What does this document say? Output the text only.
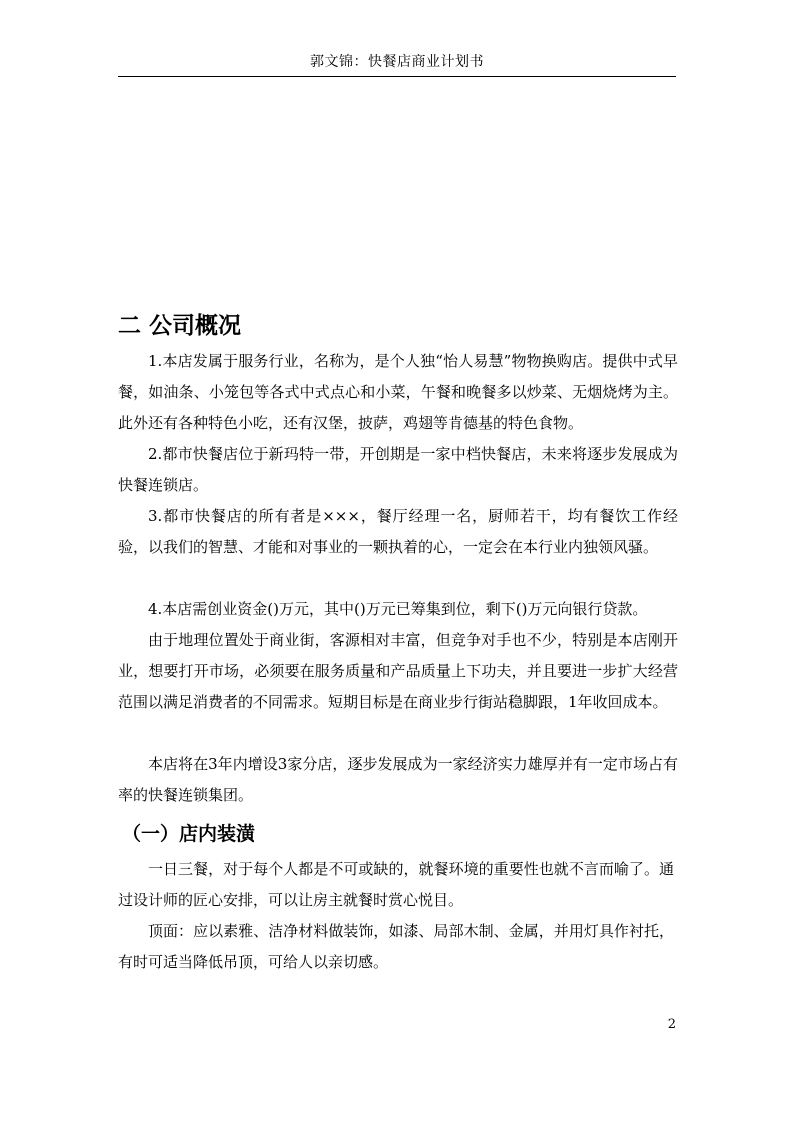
郭文锦：快餐店商业计划书
二 公司概况

1.本店发属于服务行业，名称为，是个人独“怡人易慧”物物换购店。提供中式早餐，如油条、小笼包等各式中式点心和小菜，午餐和晚餐多以炒菜、无烟烧烤为主。此外还有各种特色小吃，还有汉堡，披萨，鸡翅等肯德基的特色食物。

2.都市快餐店位于新玛特一带，开创期是一家中档快餐店，未来将逐步发展成为快餐连锁店。

3.都市快餐店的所有者是×××，餐厅经理一名，厨师若干，均有餐饮工作经验，以我们的智慧、才能和对事业的一颗执着的心，一定会在本行业内独领风骚。

4.本店需创业资金()万元，其中()万元已筹集到位，剩下()万元向银行贷款。

由于地理位置处于商业街，客源相对丰富，但竞争对手也不少，特别是本店刚开业，想要打开市场，必须要在服务质量和产品质量上下功夫，并且要进一步扩大经营范围以满足消费者的不同需求。短期目标是在商业步行街站稳脚跟，1年收回成本。

本店将在3年内增设3家分店，逐步发展成为一家经济实力雄厚并有一定市场占有率的快餐连锁集团。

（一）店内装潢

一日三餐，对于每个人都是不可或缺的，就餐环境的重要性也就不言而喻了。通过设计师的匠心安排，可以让房主就餐时赏心悦目。

顶面：应以素雅、洁净材料做装饰，如漆、局部木制、金属，并用灯具作衬托，有时可适当降低吊顶，可给人以亲切感。

2
